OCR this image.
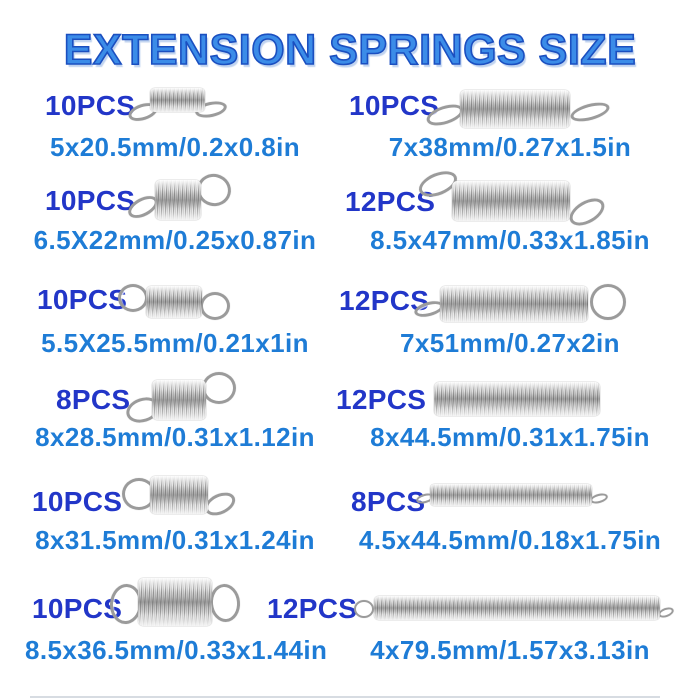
EXTENSION SPRINGS SIZE
10PCS
5x20.5mm/0.2x0.8in
10PCS
6.5X22mm/0.25x0.87in
10PCS
5.5X25.5mm/0.21x1in
8PCS
8x28.5mm/0.31x1.12in
10PCS
8x31.5mm/0.31x1.24in
10PCS
8.5x36.5mm/0.33x1.44in
10PCS
7x38mm/0.27x1.5in
12PCS
8.5x47mm/0.33x1.85in
12PCS
7x51mm/0.27x2in
12PCS
8x44.5mm/0.31x1.75in
8PCS
4.5x44.5mm/0.18x1.75in
12PCS
4x79.5mm/1.57x3.13in
